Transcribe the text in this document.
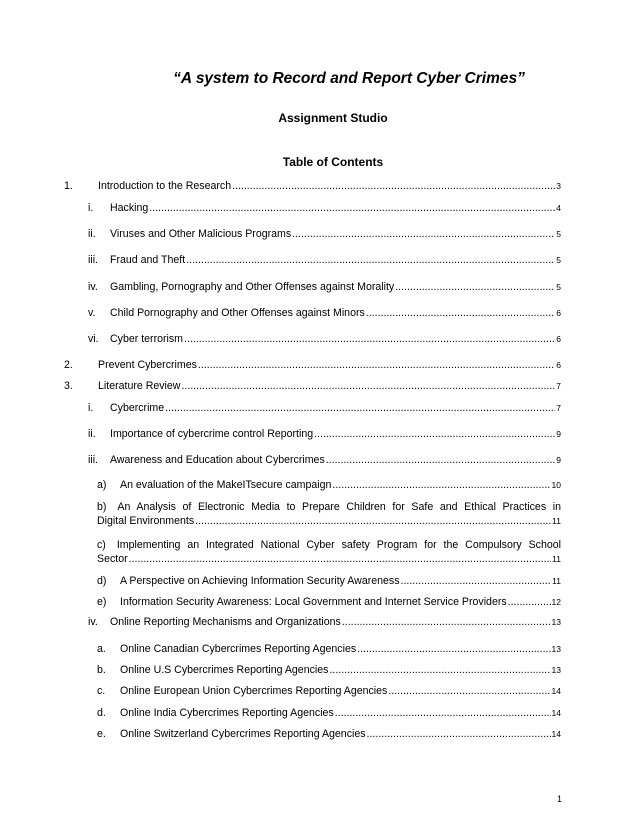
“A system to Record and Report Cyber Crimes”
Assignment Studio
Table of Contents
1.	Introduction to the Research .....	3
i.	Hacking .....	4
ii.	Viruses and Other Malicious Programs .....	5
iii.	Fraud and Theft .....	5
iv.	Gambling, Pornography and Other Offenses against Morality .....	5
v.	Child Pornography and Other Offenses against Minors .....	6
vi.	Cyber terrorism .....	6
2.	Prevent Cybercrimes .....	6
3.	Literature Review .....	7
i.	Cybercrime .....	7
ii.	Importance of cybercrime control Reporting .....	9
iii.	Awareness and Education about Cybercrimes .....	9
a)	An evaluation of the MakeITsecure campaign .....	10
b)	An Analysis of Electronic Media to Prepare Children for Safe and Ethical Practices in
Digital Environments .....	11
c)	Implementing an Integrated National Cyber safety Program for the Compulsory School
Sector .....	11
d)	A Perspective on Achieving Information Security Awareness .....	11
e)	Information Security Awareness: Local Government and Internet Service Providers .....	12
iv.	Online Reporting Mechanisms and Organizations .....	13
a.	Online Canadian Cybercrimes Reporting Agencies .....	13
b.	Online U.S Cybercrimes Reporting Agencies .....	13
c.	Online European Union Cybercrimes Reporting Agencies .....	14
d.	Online India Cybercrimes Reporting Agencies .....	14
e.	Online Switzerland Cybercrimes Reporting Agencies .....	14
1
